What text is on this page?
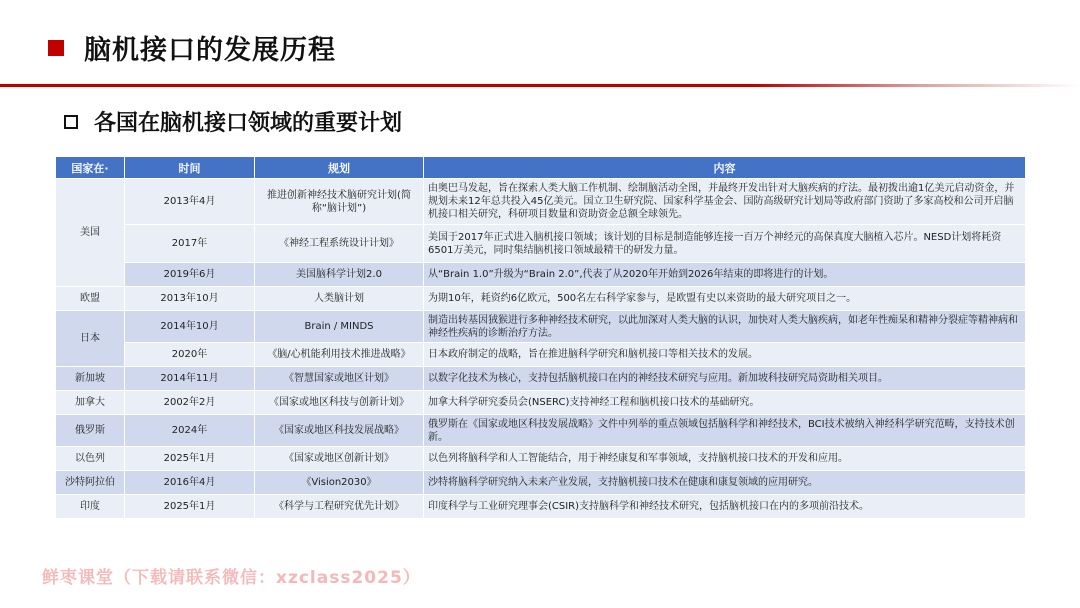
脑机接口的发展历程
各国在脑机接口领域的重要计划
国家在·	时间	规划	内容
美国	2013年4月	推进创新神经技术脑研究计划(简称“脑计划”)	由奥巴马发起，旨在探索人类大脑工作机制、绘制脑活动全图，并最终开发出针对大脑疾病的疗法。最初拨出逾1亿美元启动资金，并规划未来12年总共投入45亿美元。国立卫生研究院、国家科学基金会、国防高级研究计划局等政府部门资助了多家高校和公司开启脑机接口相关研究，科研项目数量和资助资金总额全球领先。
	2017年	《神经工程系统设计计划》	美国于2017年正式进入脑机接口领域；该计划的目标是制造能够连接一百万个神经元的高保真度大脑植入芯片。NESD计划将耗资6501万美元，同时集结脑机接口领域最精干的研发力量。
	2019年6月	美国脑科学计划2.0	从“Brain 1.0”升级为“Brain 2.0”,代表了从2020年开始到2026年结束的即将进行的计划。
欧盟	2013年10月	人类脑计划	为期10年，耗资约6亿欧元，500名左右科学家参与，是欧盟有史以来资助的最大研究项目之一。
日本	2014年10月	Brain / MINDS	制造出转基因狨猴进行多种神经技术研究，以此加深对人类大脑的认识，加快对人类大脑疾病，如老年性痴呆和精神分裂症等精神病和神经性疾病的诊断治疗方法。
	2020年	《脑/心机能利用技术推进战略》	日本政府制定的战略，旨在推进脑科学研究和脑机接口等相关技术的发展。
新加坡	2014年11月	《智慧国家或地区计划》	以数字化技术为核心，支持包括脑机接口在内的神经技术研究与应用。新加坡科技研究局资助相关项目。
加拿大	2002年2月	《国家或地区科技与创新计划》	加拿大科学研究委员会(NSERC)支持神经工程和脑机接口技术的基础研究。
俄罗斯	2024年	《国家或地区科技发展战略》	俄罗斯在《国家或地区科技发展战略》文件中列举的重点领域包括脑科学和神经技术，BCI技术被纳入神经科学研究范畴，支持技术创新。
以色列	2025年1月	《国家或地区创新计划》	以色列将脑科学和人工智能结合，用于神经康复和军事领域，支持脑机接口技术的开发和应用。
沙特阿拉伯	2016年4月	《Vision2030》	沙特将脑科学研究纳入未来产业发展，支持脑机接口技术在健康和康复领域的应用研究。
印度	2025年1月	《科学与工程研究优先计划》	印度科学与工业研究理事会(CSIR)支持脑科学和神经技术研究，包括脑机接口在内的多项前沿技术。
鲜枣课堂（下载请联系微信：xzclass2025）
